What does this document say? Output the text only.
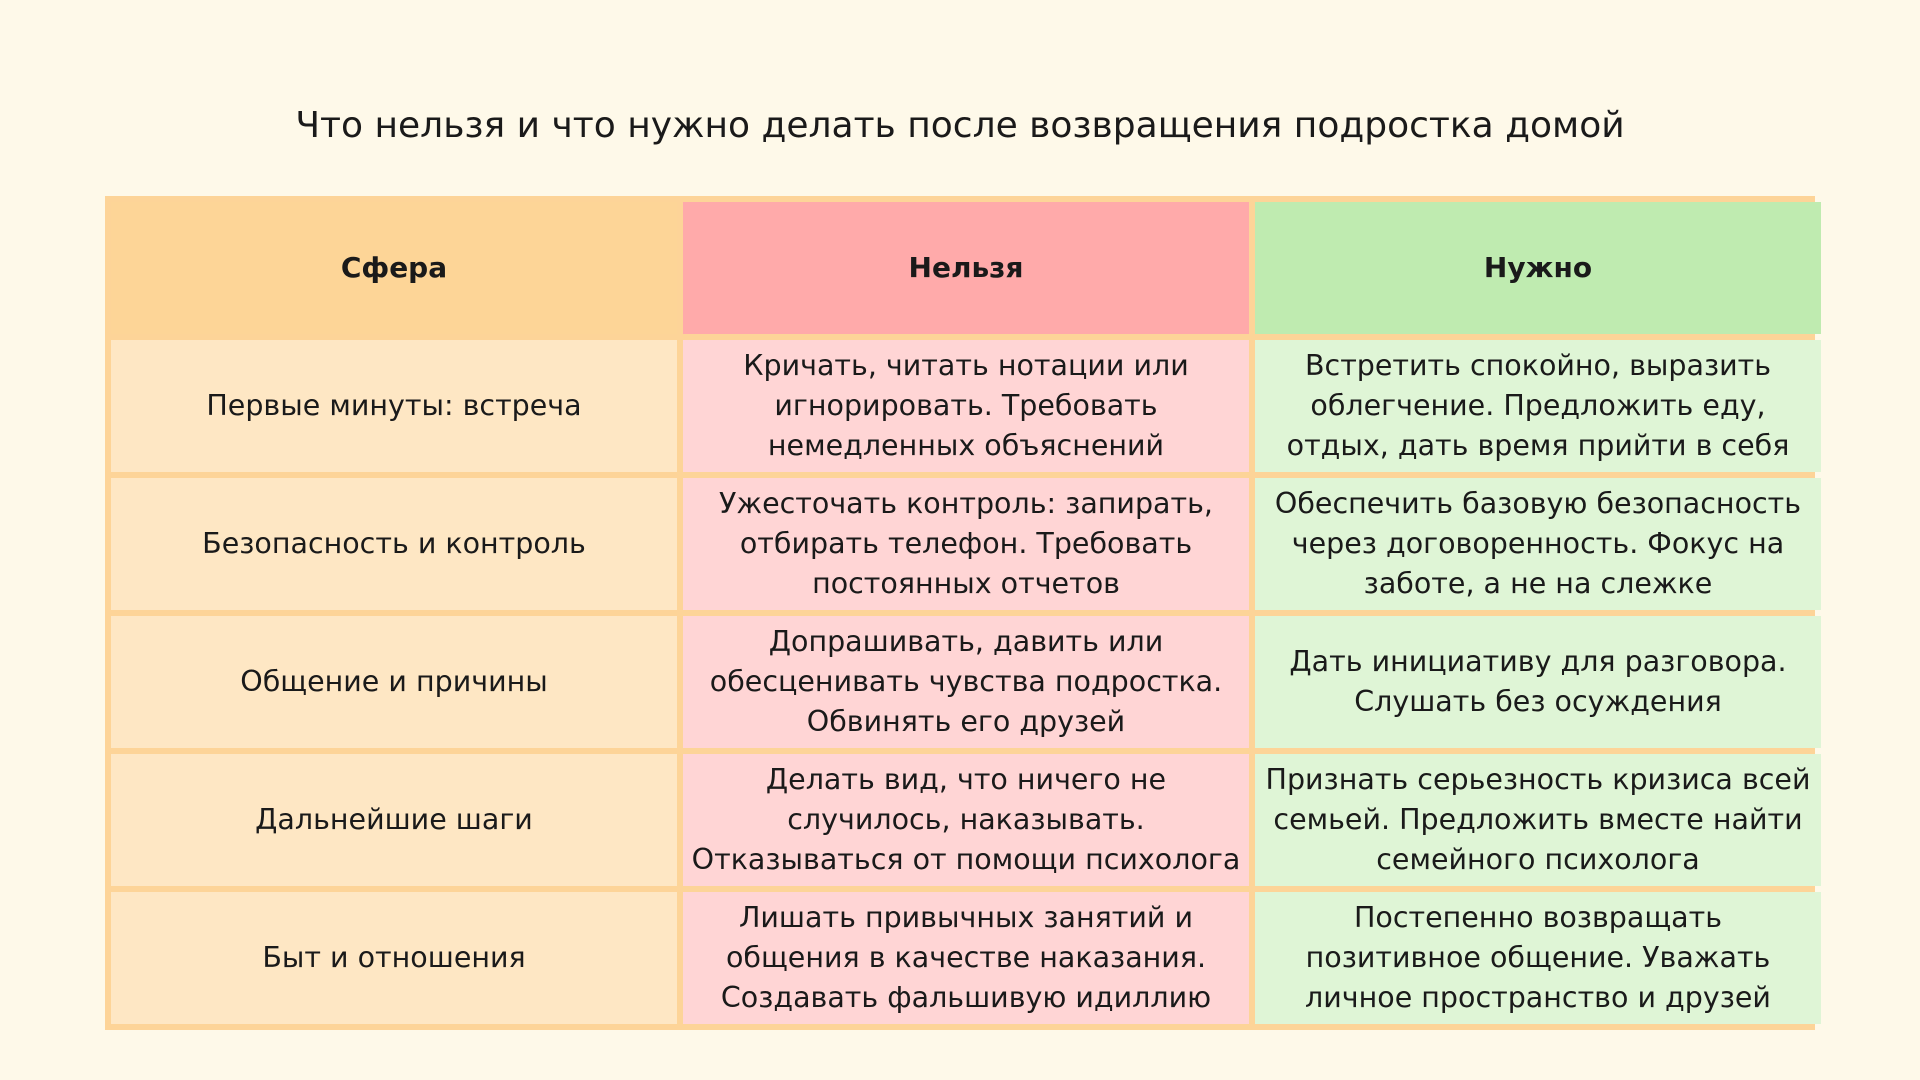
Что нельзя и что нужно делать после возвращения подростка домой
Сфера	Нельзя	Нужно
Первые минуты: встреча
Кричать, читать нотации или игнорировать. Требовать немедленных объяснений
Встретить спокойно, выразить облегчение. Предложить еду, отдых, дать время прийти в себя
Безопасность и контроль
Ужесточать контроль: запирать, отбирать телефон. Требовать постоянных отчетов
Обеспечить базовую безопасность через договоренность. Фокус на заботе, а не на слежке
Общение и причины
Допрашивать, давить или обесценивать чувства подростка. Обвинять его друзей
Дать инициативу для разговора. Слушать без осуждения
Дальнейшие шаги
Делать вид, что ничего не случилось, наказывать. Отказываться от помощи психолога
Признать серьезность кризиса всей семьей. Предложить вместе найти семейного психолога
Быт и отношения
Лишать привычных занятий и общения в качестве наказания. Создавать фальшивую идиллию
Постепенно возвращать позитивное общение. Уважать личное пространство и друзей
